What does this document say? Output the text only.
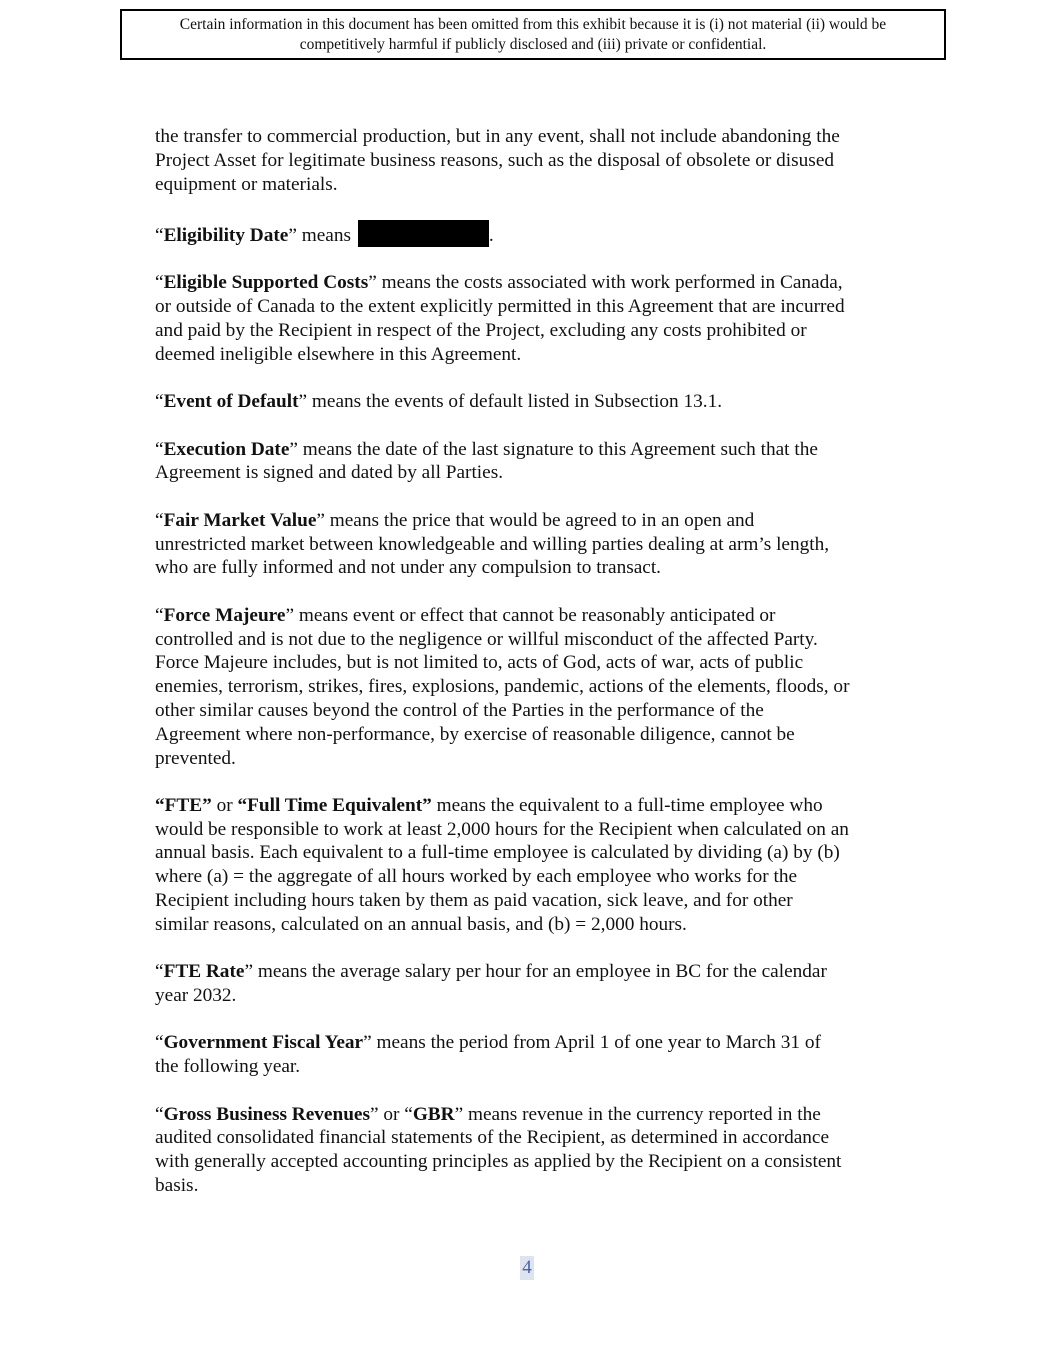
Certain information in this document has been omitted from this exhibit because it is (i) not material (ii) would be
competitively harmful if publicly disclosed and (iii) private or confidential.

the transfer to commercial production, but in any event, shall not include abandoning the
Project Asset for legitimate business reasons, such as the disposal of obsolete or disused
equipment or materials.

“Eligibility Date” means	.

“Eligible Supported Costs” means the costs associated with work performed in Canada,
or outside of Canada to the extent explicitly permitted in this Agreement that are incurred
and paid by the Recipient in respect of the Project, excluding any costs prohibited or
deemed ineligible elsewhere in this Agreement.

“Event of Default” means the events of default listed in Subsection 13.1.

“Execution Date” means the date of the last signature to this Agreement such that the
Agreement is signed and dated by all Parties.

“Fair Market Value” means the price that would be agreed to in an open and
unrestricted market between knowledgeable and willing parties dealing at arm’s length,
who are fully informed and not under any compulsion to transact.

“Force Majeure” means event or effect that cannot be reasonably anticipated or
controlled and is not due to the negligence or willful misconduct of the affected Party.
Force Majeure includes, but is not limited to, acts of God, acts of war, acts of public
enemies, terrorism, strikes, fires, explosions, pandemic, actions of the elements, floods, or
other similar causes beyond the control of the Parties in the performance of the
Agreement where non-performance, by exercise of reasonable diligence, cannot be
prevented.

“FTE” or “Full Time Equivalent” means the equivalent to a full-time employee who
would be responsible to work at least 2,000 hours for the Recipient when calculated on an
annual basis. Each equivalent to a full-time employee is calculated by dividing (a) by (b)
where (a) = the aggregate of all hours worked by each employee who works for the
Recipient including hours taken by them as paid vacation, sick leave, and for other
similar reasons, calculated on an annual basis, and (b) = 2,000 hours.

“FTE Rate” means the average salary per hour for an employee in BC for the calendar
year 2032.

“Government Fiscal Year” means the period from April 1 of one year to March 31 of
the following year.

“Gross Business Revenues” or “GBR” means revenue in the currency reported in the
audited consolidated financial statements of the Recipient, as determined in accordance
with generally accepted accounting principles as applied by the Recipient on a consistent
basis.

4
